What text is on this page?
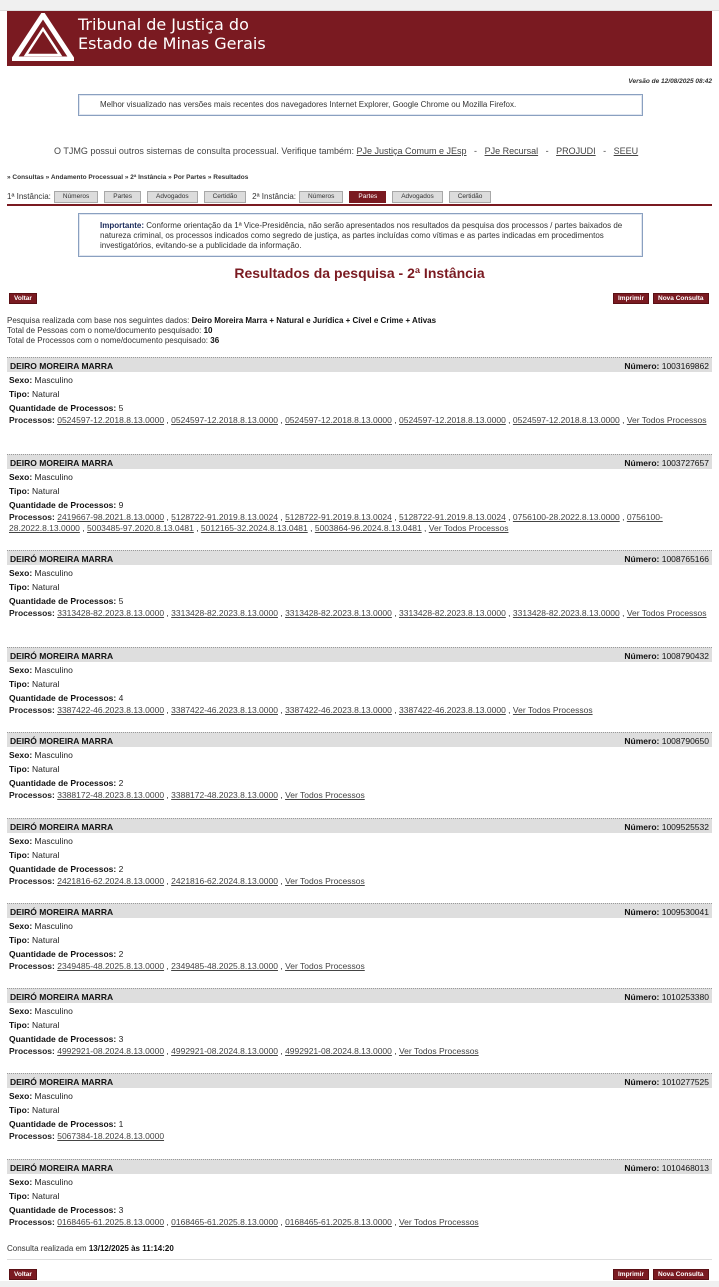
Tribunal de Justiça do
Estado de Minas Gerais
Versão de 12/08/2025 08:42
Melhor visualizado nas versões mais recentes dos navegadores Internet Explorer, Google Chrome ou Mozilla Firefox.
O TJMG possui outros sistemas de consulta processual. Verifique também: PJe Justiça Comum e JEsp - PJe Recursal - PROJUDI - SEEU
» Consultas » Andamento Processual » 2ª Instância » Por Partes » Resultados
1ª Instância:	Números	Partes	Advogados	Certidão	2ª Instância:	Números	Partes	Advogados	Certidão
Importante: Conforme orientação da 1ª Vice-Presidência, não serão apresentados nos resultados da pesquisa dos processos / partes baixados de natureza criminal, os processos indicados como segredo de justiça, as partes incluídas como vítimas e as partes indicadas em procedimentos investigatórios, evitando-se a publicidade da informação.
Resultados da pesquisa - 2ª Instância
Voltar	Imprimir	Nova Consulta
Pesquisa realizada com base nos seguintes dados: Deiro Moreira Marra + Natural e Jurídica + Cível e Crime + Ativas
Total de Pessoas com o nome/documento pesquisado: 10
Total de Processos com o nome/documento pesquisado: 36
DEIRO MOREIRA MARRA	Número: 1003169862
Sexo: Masculino
Tipo: Natural
Quantidade de Processos: 5
Processos: 0524597-12.2018.8.13.0000 , 0524597-12.2018.8.13.0000 , 0524597-12.2018.8.13.0000 , 0524597-12.2018.8.13.0000 , 0524597-12.2018.8.13.0000 , Ver Todos Processos
DEIRO MOREIRA MARRA	Número: 1003727657
Sexo: Masculino
Tipo: Natural
Quantidade de Processos: 9
Processos: 2419667-98.2021.8.13.0000 , 5128722-91.2019.8.13.0024 , 5128722-91.2019.8.13.0024 , 5128722-91.2019.8.13.0024 , 0756100-28.2022.8.13.0000 , 0756100-28.2022.8.13.0000 , 5003485-97.2020.8.13.0481 , 5012165-32.2024.8.13.0481 , 5003864-96.2024.8.13.0481 , Ver Todos Processos
DEIRÓ MOREIRA MARRA	Número: 1008765166
Sexo: Masculino
Tipo: Natural
Quantidade de Processos: 5
Processos: 3313428-82.2023.8.13.0000 , 3313428-82.2023.8.13.0000 , 3313428-82.2023.8.13.0000 , 3313428-82.2023.8.13.0000 , 3313428-82.2023.8.13.0000 , Ver Todos Processos
DEIRÓ MOREIRA MARRA	Número: 1008790432
Sexo: Masculino
Tipo: Natural
Quantidade de Processos: 4
Processos: 3387422-46.2023.8.13.0000 , 3387422-46.2023.8.13.0000 , 3387422-46.2023.8.13.0000 , 3387422-46.2023.8.13.0000 , Ver Todos Processos
DEIRÓ MOREIRA MARRA	Número: 1008790650
Sexo: Masculino
Tipo: Natural
Quantidade de Processos: 2
Processos: 3388172-48.2023.8.13.0000 , 3388172-48.2023.8.13.0000 , Ver Todos Processos
DEIRÓ MOREIRA MARRA	Número: 1009525532
Sexo: Masculino
Tipo: Natural
Quantidade de Processos: 2
Processos: 2421816-62.2024.8.13.0000 , 2421816-62.2024.8.13.0000 , Ver Todos Processos
DEIRÓ MOREIRA MARRA	Número: 1009530041
Sexo: Masculino
Tipo: Natural
Quantidade de Processos: 2
Processos: 2349485-48.2025.8.13.0000 , 2349485-48.2025.8.13.0000 , Ver Todos Processos
DEIRÓ MOREIRA MARRA	Número: 1010253380
Sexo: Masculino
Tipo: Natural
Quantidade de Processos: 3
Processos: 4992921-08.2024.8.13.0000 , 4992921-08.2024.8.13.0000 , 4992921-08.2024.8.13.0000 , Ver Todos Processos
DEIRÓ MOREIRA MARRA	Número: 1010277525
Sexo: Masculino
Tipo: Natural
Quantidade de Processos: 1
Processos: 5067384-18.2024.8.13.0000
DEIRÓ MOREIRA MARRA	Número: 1010468013
Sexo: Masculino
Tipo: Natural
Quantidade de Processos: 3
Processos: 0168465-61.2025.8.13.0000 , 0168465-61.2025.8.13.0000 , 0168465-61.2025.8.13.0000 , Ver Todos Processos
Consulta realizada em 13/12/2025 às 11:14:20
Voltar	Imprimir	Nova Consulta
